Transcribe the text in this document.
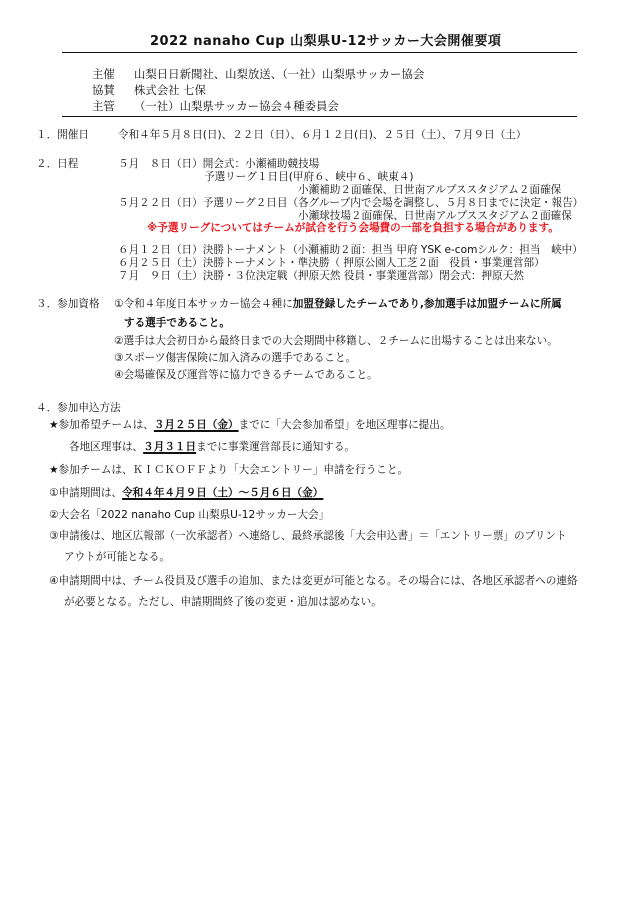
2022 nanaho Cup 山梨県U-12サッカー大会開催要項
主催 山梨日日新聞社、山梨放送、（一社）山梨県サッカー協会
協賛 株式会社 七保
主管 （一社）山梨県サッカー協会４種委員会
１．開催日	令和４年５月８日(日)、２２日（日）、６月１２日(日)、２５日（土）、７月９日（土）
２．日程	５月　８日（日）開会式：小瀬補助競技場
予選リーグ１日目(甲府６、峡中６、峡東４)
小瀬補助２面確保、日世南アルプススタジアム２面確保
５月２２日（日）予選リーグ２日目（各グループ内で会場を調整し、５月８日までに決定・報告）
小瀬球技場２面確保、日世南アルプススタジアム２面確保
※予選リーグについてはチームが試合を行う会場費の一部を負担する場合があります。
６月１２日（日）決勝トーナメント（小瀬補助２面：担当 甲府 YSK e-comシルク：担当　峡中）
６月２５日（土）決勝トーナメント・準決勝（ 押原公園人工芝２面　役員・事業運営部）
７月　９日（土）決勝・３位決定戦（押原天然 役員・事業運営部）閉会式：押原天然
３．参加資格 ①令和４年度日本サッカー協会４種に加盟登録したチームであり,参加選手は加盟チームに所属
する選手であること。
②選手は大会初日から最終日までの大会期間中移籍し、２チームに出場することは出来ない。
③スポーツ傷害保険に加入済みの選手であること。
④会場確保及び運営等に協力できるチームであること。
４．参加申込方法
★参加希望チームは、３月２５日（金）までに「大会参加希望」を地区理事に提出。
各地区理事は、３月３１日までに事業運営部長に通知する。
★参加チームは、ＫＩＣＫＯＦＦより「大会エントリー」申請を行うこと。
①申請期間は、令和４年４月９日（土）～５月６日（金）
②大会名「2022 nanaho Cup 山梨県U-12サッカー大会」
③申請後は、地区広報部（一次承認者）へ連絡し、最終承認後「大会申込書」＝「エントリー票」のプリント
アウトが可能となる。
④申請期間中は、チーム役員及び選手の追加、または変更が可能となる。その場合には、各地区承認者への連絡
が必要となる。ただし、申請期間終了後の変更・追加は認めない。
